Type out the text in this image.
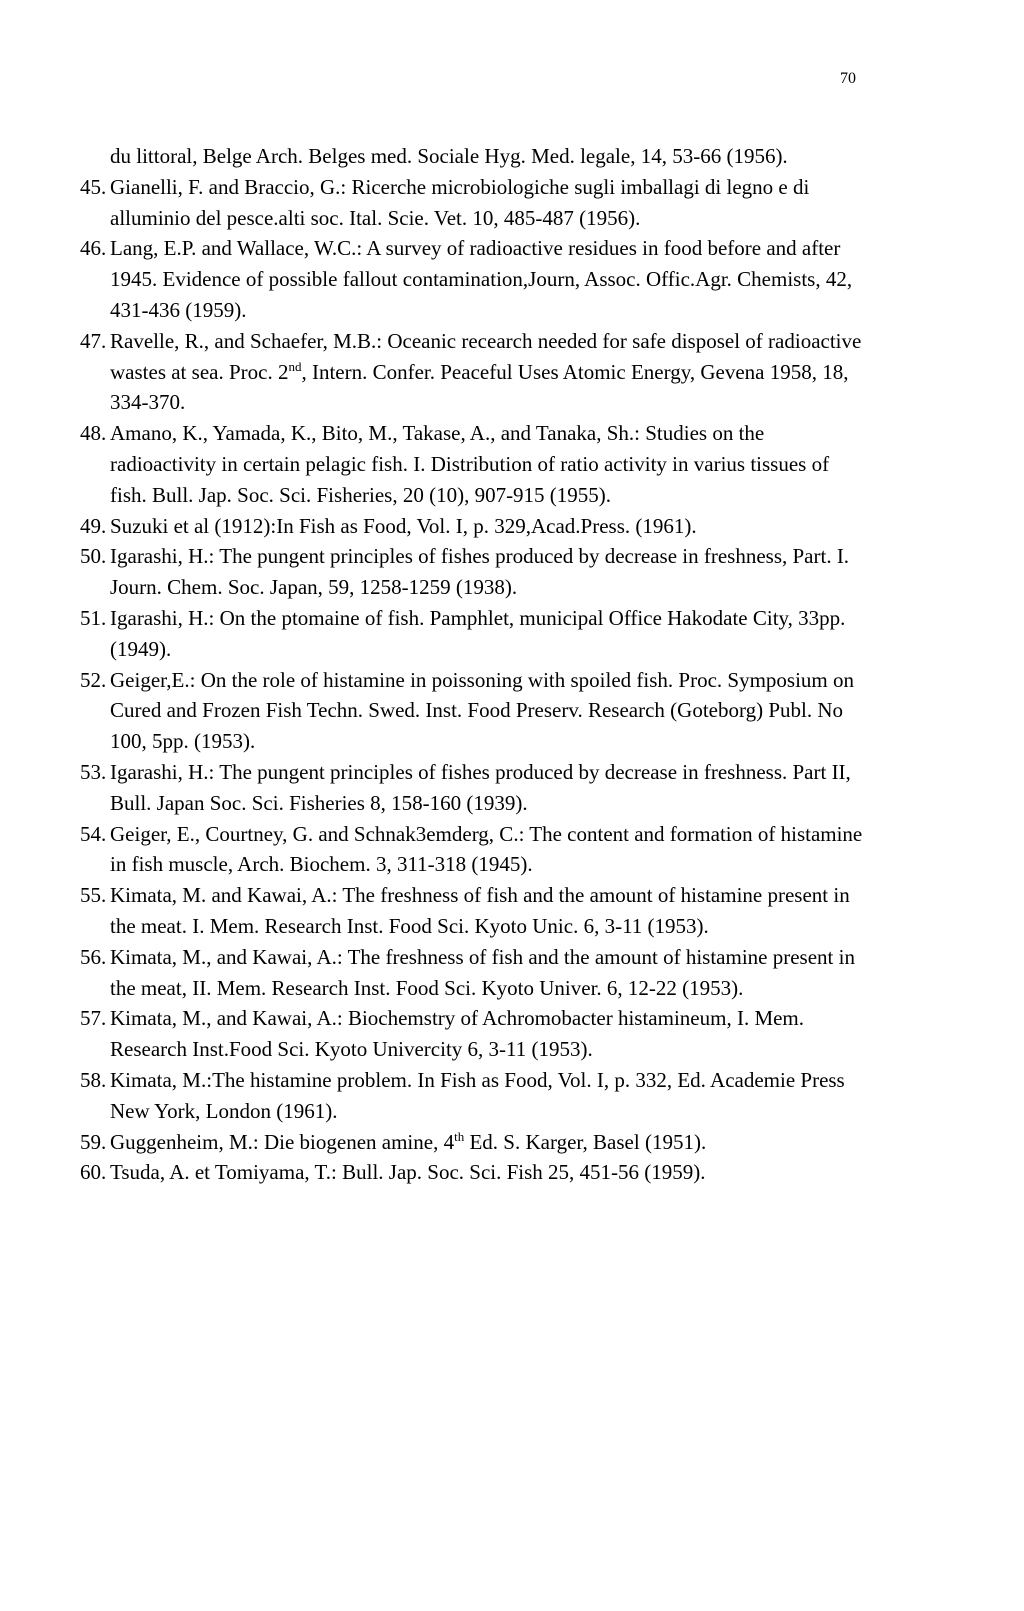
70
du littoral, Belge Arch. Belges med. Sociale Hyg. Med. legale, 14, 53-66 (1956).
45. Gianelli, F. and Braccio, G.: Ricerche microbiologiche sugli imballagi di legno e di alluminio del pesce.alti soc. Ital. Scie. Vet. 10, 485-487 (1956).
46. Lang, E.P. and Wallace, W.C.: A survey of radioactive residues in food before and after 1945. Evidence of possible fallout contamination,Journ, Assoc. Offic.Agr. Chemists, 42, 431-436 (1959).
47. Ravelle, R., and Schaefer, M.B.: Oceanic recearch needed for safe disposel of radioactive wastes at sea. Proc. 2nd, Intern. Confer. Peaceful Uses Atomic Energy, Gevena 1958, 18, 334-370.
48. Amano, K., Yamada, K., Bito, M., Takase, A., and Tanaka, Sh.: Studies on the radioactivity in certain pelagic fish. I. Distribution of ratio activity in varius tissues of fish. Bull. Jap. Soc. Sci. Fisheries, 20 (10), 907-915 (1955).
49. Suzuki et al (1912):In Fish as Food, Vol. I, p. 329,Acad.Press. (1961).
50. Igarashi, H.: The pungent principles of fishes produced by decrease in freshness, Part. I. Journ. Chem. Soc. Japan, 59, 1258-1259 (1938).
51. Igarashi, H.: On the ptomaine of fish. Pamphlet, municipal Office Hakodate City, 33pp. (1949).
52. Geiger,E.: On the role of histamine in poissoning with spoiled fish. Proc. Symposium on Cured and Frozen Fish Techn. Swed. Inst. Food Preserv. Research (Goteborg) Publ. No 100, 5pp. (1953).
53. Igarashi, H.: The pungent principles of fishes produced by decrease in freshness. Part II, Bull. Japan Soc. Sci. Fisheries 8, 158-160 (1939).
54. Geiger, E., Courtney, G. and Schnak3emderg, C.: The content and formation of histamine in fish muscle, Arch. Biochem. 3, 311-318 (1945).
55. Kimata, M. and Kawai, A.: The freshness of fish and the amount of histamine present in the meat. I. Mem. Research Inst. Food Sci. Kyoto Unic. 6, 3-11 (1953).
56. Kimata, M., and Kawai, A.: The freshness of fish and the amount of histamine present in the meat, II. Mem. Research Inst. Food Sci. Kyoto Univer. 6, 12-22 (1953).
57. Kimata, M., and Kawai, A.: Biochemstry of Achromobacter histamineum, I. Mem. Research Inst.Food Sci. Kyoto Univercity 6, 3-11 (1953).
58. Kimata, M.:The histamine problem. In Fish as Food, Vol. I, p. 332, Ed. Academie Press New York, London (1961).
59. Guggenheim, M.: Die biogenen amine, 4th Ed. S. Karger, Basel (1951).
60. Tsuda, A. et Tomiyama, T.: Bull. Jap. Soc. Sci. Fish 25, 451-56 (1959).
